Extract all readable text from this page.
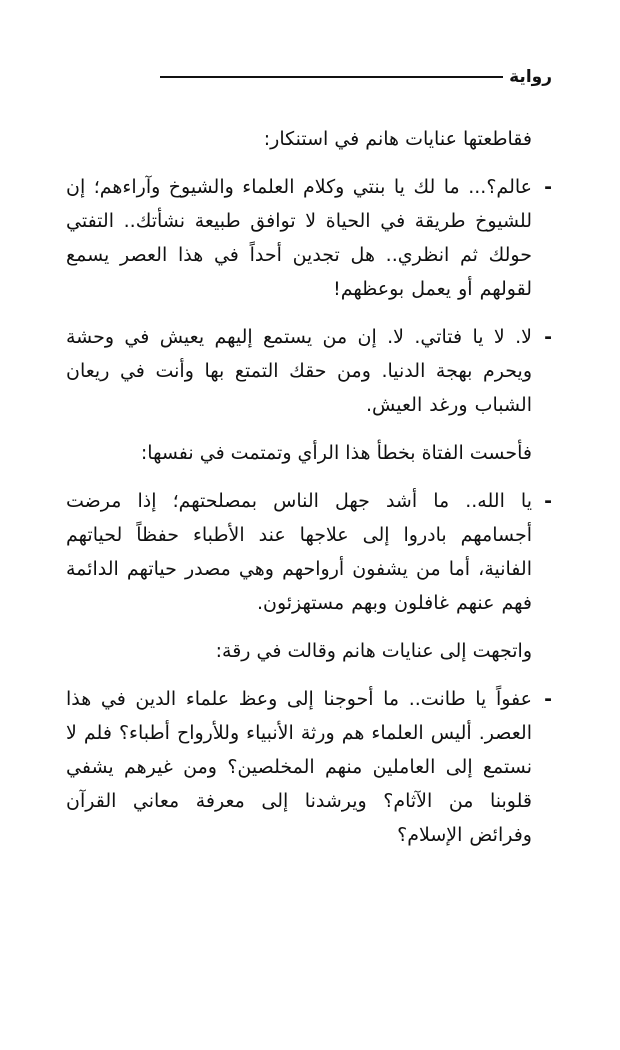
رواية

فقاطعتها عنايات هانم في استنكار:

-
عالم؟... ما لك يا بنتي وكلام العلماء والشيوخ وآراءهم؛ إن للشيوخ طريقة في الحياة لا توافق طبيعة نشأتك.. التفتي حولك ثم انظري.. هل تجدين أحداً في هذا العصر يسمع لقولهم أو يعمل بوعظهم!
-
لا. لا يا فتاتي. لا. إن من يستمع إليهم يعيش في وحشة ويحرم بهجة الدنيا. ومن حقك التمتع بها وأنت في ريعان الشباب ورغد العيش.

فأحست الفتاة بخطأ هذا الرأي وتمتمت في نفسها:

-
يا الله.. ما أشد جهل الناس بمصلحتهم؛ إذا مرضت أجسامهم بادروا إلى علاجها عند الأطباء حفظاً لحياتهم الفانية، أما من يشفون أرواحهم وهي مصدر حياتهم الدائمة فهم عنهم غافلون وبهم مستهزئون.

واتجهت إلى عنايات هانم وقالت في رقة:

-
عفواً يا طانت.. ما أحوجنا إلى وعظ علماء الدين في هذا العصر. أليس العلماء هم ورثة الأنبياء وللأرواح أطباء؟ فلم لا نستمع إلى العاملين منهم المخلصين؟ ومن غيرهم يشفي قلوبنا من الآثام؟ ويرشدنا إلى معرفة معاني القرآن وفرائض الإسلام؟
